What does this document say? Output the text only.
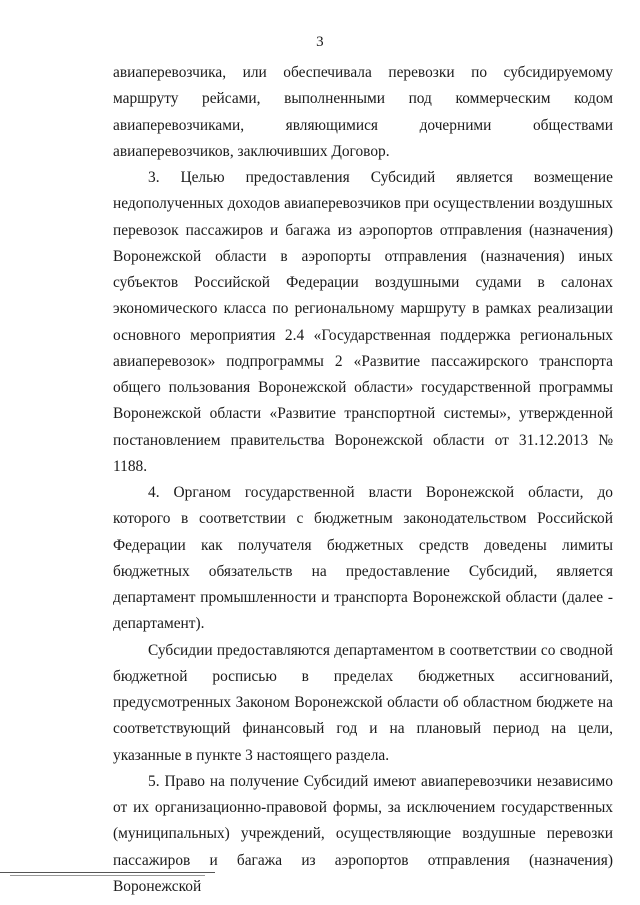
3

авиаперевозчика, или обеспечивала перевозки по субсидируемому маршруту рейсами, выполненными под коммерческим кодом авиаперевозчиками, являющимися дочерними обществами авиаперевозчиков, заключивших Договор.

3. Целью предоставления Субсидий является возмещение недополученных доходов авиаперевозчиков при осуществлении воздушных перевозок пассажиров и багажа из аэропортов отправления (назначения) Воронежской области в аэропорты отправления (назначения) иных субъектов Российской Федерации воздушными судами в салонах экономического класса по региональному маршруту в рамках реализации основного мероприятия 2.4 «Государственная поддержка региональных авиаперевозок» подпрограммы 2 «Развитие пассажирского транспорта общего пользования Воронежской области» государственной программы Воронежской области «Развитие транспортной системы», утвержденной постановлением правительства Воронежской области от 31.12.2013 № 1188.

4. Органом государственной власти Воронежской области, до которого в соответствии с бюджетным законодательством Российской Федерации как получателя бюджетных средств доведены лимиты бюджетных обязательств на предоставление Субсидий, является департамент промышленности и транспорта Воронежской области (далее - департамент).

Субсидии предоставляются департаментом в соответствии со сводной бюджетной росписью в пределах бюджетных ассигнований, предусмотренных Законом Воронежской области об областном бюджете на соответствующий финансовый год и на плановый период на цели, указанные в пункте 3 настоящего раздела.

5. Право на получение Субсидий имеют авиаперевозчики независимо от их организационно-правовой формы, за исключением государственных (муниципальных) учреждений, осуществляющие воздушные перевозки пассажиров и багажа из аэропортов отправления (назначения) Воронежской
